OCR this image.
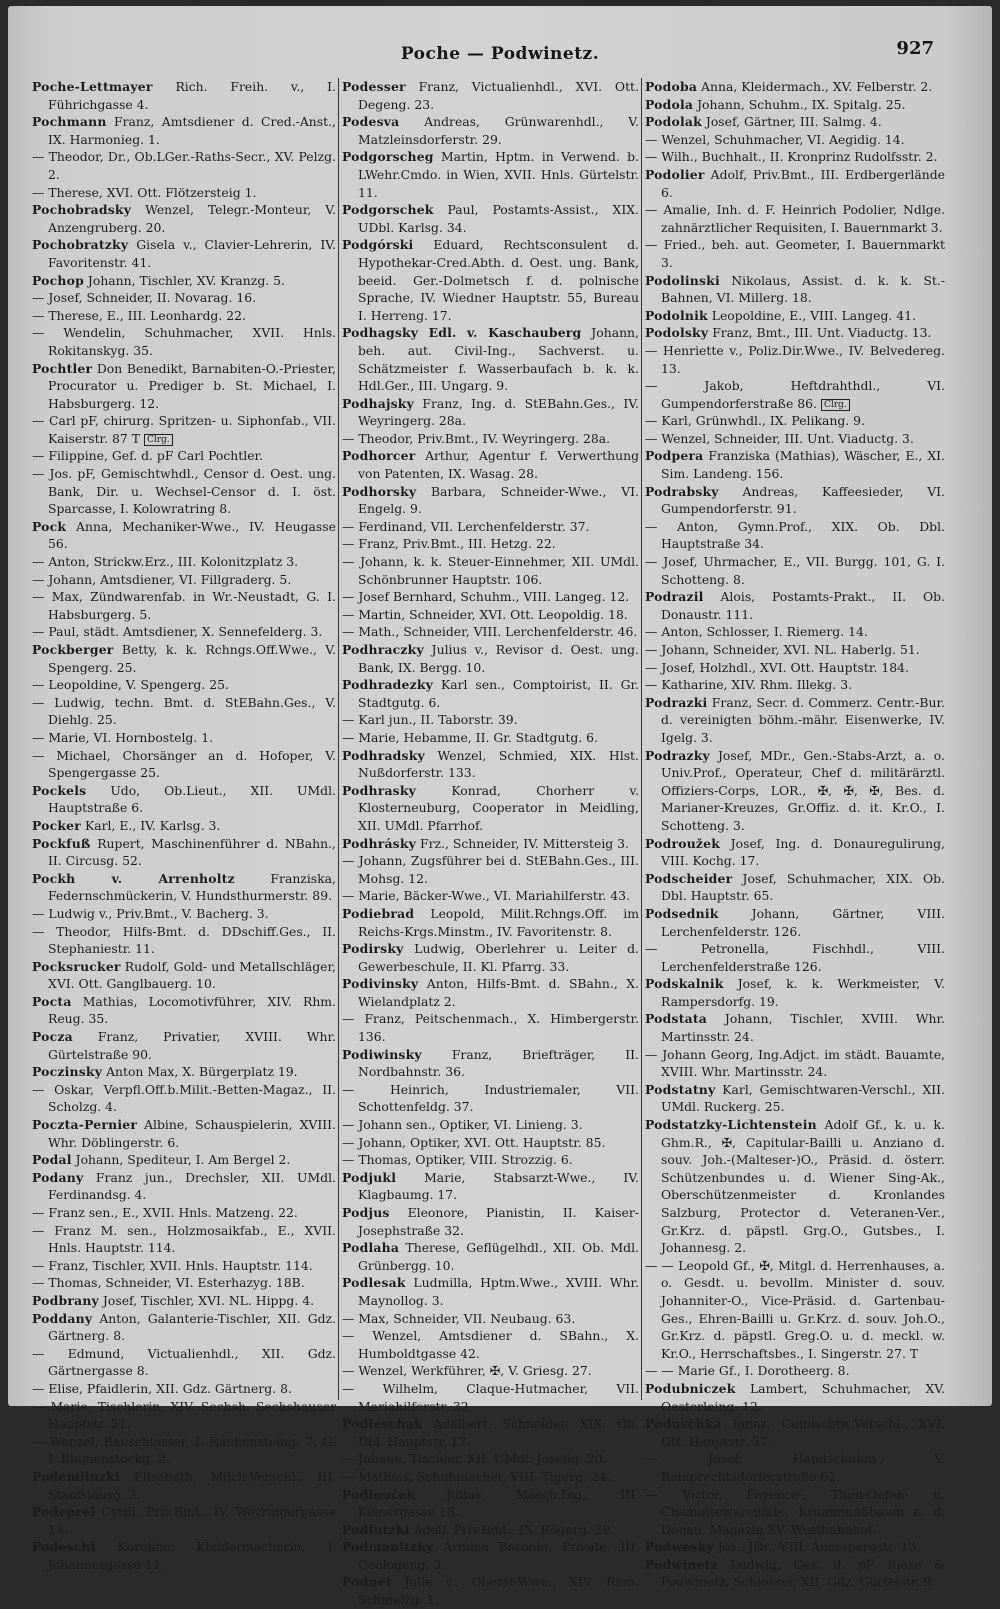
Poche — Podwinetz.	927
Poche-Lettmayer Rich. Freih. v., I. Führichgasse 4.
Pochmann Franz, Amtsdiener d. Cred.-Anst., IX. Harmonieg. 1.
— Theodor, Dr., Ob.LGer.-Raths-Secr., XV. Pelzg. 2.
— Therese, XVI. Ott. Flötzersteig 1.
Pochobradsky Wenzel, Telegr.-Monteur, V. Anzengruberg. 20.
Pochobratzky Gisela v., Clavier-Lehrerin, IV. Favoritenstr. 41.
Pochop Johann, Tischler, XV. Kranzg. 5.
— Josef, Schneider, II. Novarag. 16.
— Therese, E., III. Leonhardg. 22.
— Wendelin, Schuhmacher, XVII. Hnls. Rokitanskyg. 35.
Pochtler Don Benedikt, Barnabiten-O.-Priester, Procurator u. Prediger b. St. Michael, I. Habsburgerg. 12.
— Carl pF, chirurg. Spritzen- u. Siphonfab., VII. Kaiserstr. 87 T Clrg.
— Filippine, Gef. d. pF Carl Pochtler.
— Jos. pF, Gemischtwhdl., Censor d. Oest. ung. Bank, Dir. u. Wechsel-Censor d. I. öst. Sparcasse, I. Kolowratring 8.
Pock Anna, Mechaniker-Wwe., IV. Heugasse 56.
— Anton, Strickw.Erz., III. Kolonitzplatz 3.
— Johann, Amtsdiener, VI. Fillgraderg. 5.
— Max, Zündwarenfab. in Wr.-Neustadt, G. I. Habsburgerg. 5.
— Paul, städt. Amtsdiener, X. Sennefelderg. 3.
Pockberger Betty, k. k. Rchngs.Off.Wwe., V. Spengerg. 25.
— Leopoldine, V. Spengerg. 25.
— Ludwig, techn. Bmt. d. StEBahn.Ges., V. Diehlg. 25.
— Marie, VI. Hornbostelg. 1.
— Michael, Chorsänger an d. Hofoper, V. Spengergasse 25.
Pockels Udo, Ob.Lieut., XII. UMdl. Hauptstraße 6.
Pocker Karl, E., IV. Karlsg. 3.
Pockfuß Rupert, Maschinenführer d. NBahn., II. Circusg. 52.
Pockh v. Arrenholtz	Franziska, Federnschmückerin, V. Hundsthurmerstr. 89.
— Ludwig v., Priv.Bmt., V. Bacherg. 3.
— Theodor, Hilfs-Bmt. d. DDschiff.Ges., II. Stephaniestr. 11.
Pocksrucker Rudolf, Gold- und Metallschläger, XVI. Ott. Ganglbauerg. 10.
Pocta Mathias, Locomotivführer, XIV. Rhm. Reug. 35.
Pocza Franz, Privatier, XVIII. Whr. Gürtelstraße 90.
Poczinsky Anton Max, X. Bürgerplatz 19.
— Oskar, Verpfl.Off.b.Milit.-Betten-Magaz., II. Scholzg. 4.
Poczta-Pernier Albine, Schauspielerin, XVIII. Whr. Döblingerstr. 6.
Podal Johann, Spediteur, I. Am Bergel 2.
Podany Franz jun., Drechsler, XII. UMdl. Ferdinandsg. 4.
— Franz sen., E., XVII. Hnls. Matzeng. 22.
— Franz M. sen., Holzmosaikfab., E., XVII. Hnls. Hauptstr. 114.
— Franz, Tischler, XVII. Hnls. Hauptstr. 114.
— Thomas, Schneider, VI. Esterhazyg. 18B.
Podbrany Josef, Tischler, XVI. NL. Hippg. 4.
Poddany Anton, Galanterie-Tischler, XII. Gdz. Gärtnerg. 8.
— Edmund, Victualienhdl., XII. Gdz. Gärtnergasse 8.
— Elise, Pfaidlerin, XII. Gdz. Gärtnerg. 8.
— Marie, Tischlerin, XIV. Sechsh. Sechshauser Hauptstr. 51.
— Wenzel, Bauschlosser, I. Rauhensteing. 7, G. I. Blumenstockg. 2.
Podemlinzki Elisabeth, Milch-Verschl., III. Stanislausg. 3.
Podeprel Cyrill, Priv.Bmt., IV. Weyringergasse 13.
Podeschl Karoline, Kleidermacherin, I. Johannesgasse 11.
Podesser Franz, Victualienhdl., XVI. Ott. Degeng. 23.
Podesva Andreas, Grünwarenhdl., V. Matzleinsdorferstr. 29.
Podgorscheg Martin, Hptm. in Verwend. b. LWehr.Cmdo. in Wien, XVII. Hnls. Gürtelstr. 11.
Podgorschek Paul, Postamts-Assist., XIX. UDbl. Karlsg. 34.
Podgórski Eduard, Rechtsconsulent d. Hypothekar-Cred.Abth. d. Oest. ung. Bank, beeid. Ger.-Dolmetsch f. d. polnische Sprache, IV. Wiedner Hauptstr. 55, Bureau I. Herreng. 17.
Podhagsky Edl. v. Kaschauberg Johann, beh. aut. Civil-Ing., Sachverst. u. Schätzmeister f. Wasserbaufach b. k. k. Hdl.Ger., III. Ungarg. 9.
Podhajsky Franz, Ing. d. StEBahn.Ges., IV. Weyringerg. 28a.
— Theodor, Priv.Bmt., IV. Weyringerg. 28a.
Podhorcer Arthur, Agentur f. Verwerthung von Patenten, IX. Wasag. 28.
Podhorsky Barbara, Schneider-Wwe., VI. Engelg. 9.
— Ferdinand, VII. Lerchenfelderstr. 37.
— Franz, Priv.Bmt., III. Hetzg. 22.
— Johann, k. k. Steuer-Einnehmer, XII. UMdl. Schönbrunner Hauptstr. 106.
— Josef Bernhard, Schuhm., VIII. Langeg. 12.
— Martin, Schneider, XVI. Ott. Leopoldig. 18.
— Math., Schneider, VIII. Lerchenfelderstr. 46.
Podhraczky Julius v., Revisor d. Oest. ung. Bank, IX. Bergg. 10.
Podhradezky Karl sen., Comptoirist, II. Gr. Stadtgutg. 6.
— Karl jun., II. Taborstr. 39.
— Marie, Hebamme, II. Gr. Stadtgutg. 6.
Podhradsky Wenzel, Schmied, XIX. Hlst. Nußdorferstr. 133.
Podhrasky	Konrad, Chorherr v. Klosterneuburg, Cooperator in Meidling, XII. UMdl. Pfarrhof.
Podhrásky Frz., Schneider, IV. Mittersteig 3.
— Johann, Zugsführer bei d. StEBahn.Ges., III. Mohsg. 12.
— Marie, Bäcker-Wwe., VI. Mariahilferstr. 43.
Podiebrad Leopold, Milit.Rchngs.Off. im Reichs-Krgs.Minstm., IV. Favoritenstr. 8.
Podirsky Ludwig, Oberlehrer u. Leiter d. Gewerbeschule, II. Kl. Pfarrg. 33.
Podivinsky Anton, Hilfs-Bmt. d. SBahn., X. Wielandplatz 2.
— Franz, Peitschenmach., X. Himbergerstr. 136.
Podiwinsky Franz, Briefträger, II. Nordbahnstr. 36.
—	Heinrich, Industriemaler, VII. Schottenfeldg. 37.
— Johann sen., Optiker, VI. Linieng. 3.
— Johann, Optiker, XVI. Ott. Hauptstr. 85.
— Thomas, Optiker, VIII. Strozzig. 6.
Podjukl Marie, Stabsarzt-Wwe., IV. Klagbaumg. 17.
Podjus Eleonore, Pianistin, II. Kaiser-Josephstraße 32.
Podlaha Therese, Geflügelhdl., XII. Ob. Mdl. Grünbergg. 10.
Podlesak Ludmilla, Hptm.Wwe., XVIII. Whr. Maynollog. 3.
— Max, Schneider, VII. Neubaug. 63.
— Wenzel, Amtsdiener d. SBahn., X. Humboldtgasse 42.
— Wenzel, Werkführer, ✠, V. Griesg. 27.
— Wilhelm, Claque-Hutmacher, VII. Mariahilferstr. 32.
Podleschak Adalbert, Schneider, XIX. Ob. Dbl. Hauptstr. 17.
— Johann, Tischler, XII. UMdl. Josefig. 20.
— Mathias, Schuhmacher, VIII. Tigerg. 24.
Podlouček Julius, Masch.Ing., III. Keinergasse 18.
Podlutzki Adolf, Priv.Bmt., IX. Rögerg. 29.
Podmanitzky Armine Baronin, Private, III. Geologeng. 3.
Podnet Julie v., Oberst-Wwe., XIV. Rhm. Schmelzg. 1.
Podoba Anna, Kleidermach., XV. Felberstr. 2.
Podola Johann, Schuhm., IX. Spitalg. 25.
Podolak Josef, Gärtner, III. Salmg. 4.
— Wenzel, Schuhmacher, VI. Aegidig. 14.
— Wilh., Buchhalt., II. Kronprinz Rudolfsstr. 2.
Podolier Adolf, Priv.Bmt., III. Erdbergerlände 6.
— Amalie, Inh. d. F. Heinrich Podolier, Ndlge. zahnärztlicher Requisiten, I. Bauernmarkt 3.
— Fried., beh. aut. Geometer, I. Bauernmarkt 3.
Podolinski Nikolaus, Assist. d. k. k. St.-Bahnen, VI. Millerg. 18.
Podolnik Leopoldine, E., VIII. Langeg. 41.
Podolsky Franz, Bmt., III. Unt. Viaductg. 13.
— Henriette v., Poliz.Dir.Wwe., IV. Belvedereg. 13.
—	Jakob, Heftdrahthdl., VI. Gumpendorferstraße 86. Clrg.
— Karl, Grünwhdl., IX. Pelikang. 9.
— Wenzel, Schneider, III. Unt. Viaductg. 3.
Podpera Franziska (Mathias), Wäscher, E., XI. Sim. Landeng. 156.
Podrabsky Andreas, Kaffeesieder, VI. Gumpendorferstr. 91.
— Anton, Gymn.Prof., XIX. Ob. Dbl. Hauptstraße 34.
— Josef, Uhrmacher, E., VII. Burgg. 101, G. I. Schotteng. 8.
Podrazil Alois, Postamts-Prakt., II. Ob. Donaustr. 111.
— Anton, Schlosser, I. Riemerg. 14.
— Johann, Schneider, XVI. NL. Haberlg. 51.
— Josef, Holzhdl., XVI. Ott. Hauptstr. 184.
— Katharine, XIV. Rhm. Illekg. 3.
Podrazki Franz, Secr. d. Commerz. Centr.-Bur. d. vereinigten böhm.-mähr. Eisenwerke, IV. Igelg. 3.
Podrazky Josef, MDr., Gen.-Stabs-Arzt, a. o. Univ.Prof., Operateur, Chef d. militärärztl. Offiziers-Corps, LOR., ✠, ✠, ✠, Bes. d. Marianer-Kreuzes, Gr.Offiz. d. it. Kr.O., I. Schotteng. 3.
Podroužek Josef, Ing. d. Donauregulirung, VIII. Kochg. 17.
Podscheider Josef, Schuhmacher, XIX. Ob. Dbl. Hauptstr. 65.
Podsednik	Johann, Gärtner, VIII. Lerchenfelderstr. 126.
—	Petronella, Fischhdl., VIII. Lerchenfelderstraße 126.
Podskalnik Josef, k. k. Werkmeister, V. Rampersdorfg. 19.
Podstata Johann, Tischler, XVIII. Whr. Martinsstr. 24.
— Johann Georg, Ing.Adjct. im städt. Bauamte, XVIII. Whr. Martinsstr. 24.
Podstatny Karl, Gemischtwaren-Verschl., XII. UMdl. Ruckerg. 25.
Podstatzky-Lichtenstein Adolf Gf., k. u. k. Ghm.R., ✠, Capitular-Bailli u. Anziano d. souv. Joh.-(Malteser-)O., Präsid. d. österr. Schützenbundes u. d. Wiener Sing-Ak., Oberschützenmeister d. Kronlandes Salzburg, Protector d. Veteranen-Ver., Gr.Krz. d. päpstl. Grg.O., Gutsbes., I. Johannesg. 2.
— — Leopold Gf., ✠, Mitgl. d. Herrenhauses, a. o. Gesdt. u. bevollm. Minister d. souv. Johanniter-O., Vice-Präsid. d. Gartenbau-Ges., Ehren-Bailli u. Gr.Krz. d. souv. Joh.O., Gr.Krz. d. päpstl. Greg.O. u. d. meckl. w. Kr.O., Herrschaftsbes., I. Singerstr. 27. T
— — Marie Gf., I. Dorotheerg. 8.
Podubniczek Lambert, Schuhmacher, XV. Oesterleing. 12.
Poduschka Ignaz, Gemischtw.Verschl., XVI. Ott. Hauptstr. 57.
—	Josef, Handschuhm., V. Reinprechtsdorferstraße 62.
— Victor, Fayence-, Thon-Oefen- u. Chamottewarenfab., Krummnußbaum a. d. Donau, Magazin XV. Westbahnhof.
Podwesky Jos., JDr., VIII. Auerspergstr. 13.
Podwinetz Ludwig, Ges. d. pF Riese & Podwinetz, Schlosser, XII. Gdz. Gürtelstr. 9.
